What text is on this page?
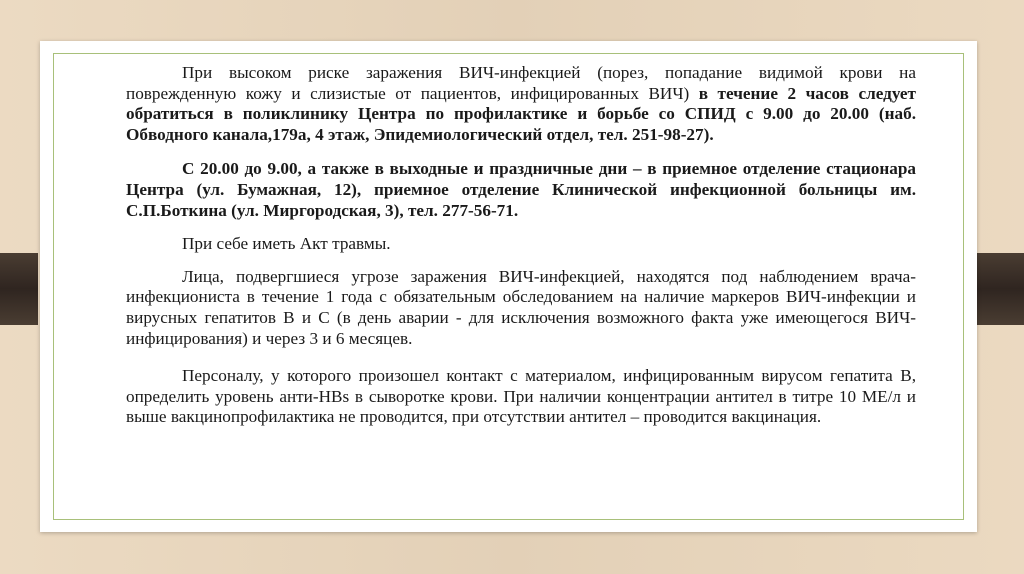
При высоком риске заражения ВИЧ-инфекцией (порез, попадание видимой крови на поврежденную кожу и слизистые от пациентов, инфицированных ВИЧ) в течение 2 часов следует обратиться в поликлинику Центра по профилактике и борьбе со СПИД с 9.00 до 20.00 (наб. Обводного канала,179а, 4 этаж, Эпидемиологический отдел, тел. 251-98-27).

С 20.00 до 9.00, а также в выходные и праздничные дни – в приемное отделение стационара Центра (ул. Бумажная, 12), приемное отделение Клинической инфекционной больницы им. С.П.Боткина (ул. Миргородская, 3), тел. 277-56-71.

При себе иметь Акт травмы.

Лица, подвергшиеся угрозе заражения ВИЧ-инфекцией, находятся под наблюдением врача-инфекциониста в течение 1 года с обязательным обследованием на наличие маркеров ВИЧ-инфекции и вирусных гепатитов В и С (в день аварии - для исключения возможного факта уже имеющегося ВИЧ-инфицирования) и через 3 и 6 месяцев.

Персоналу, у которого произошел контакт с материалом, инфицированным вирусом гепатита В, определить уровень анти-НВs в сыворотке крови. При наличии концентрации антител в титре 10 МЕ/л и выше вакцинопрофилактика не проводится, при отсутствии антител – проводится вакцинация.
